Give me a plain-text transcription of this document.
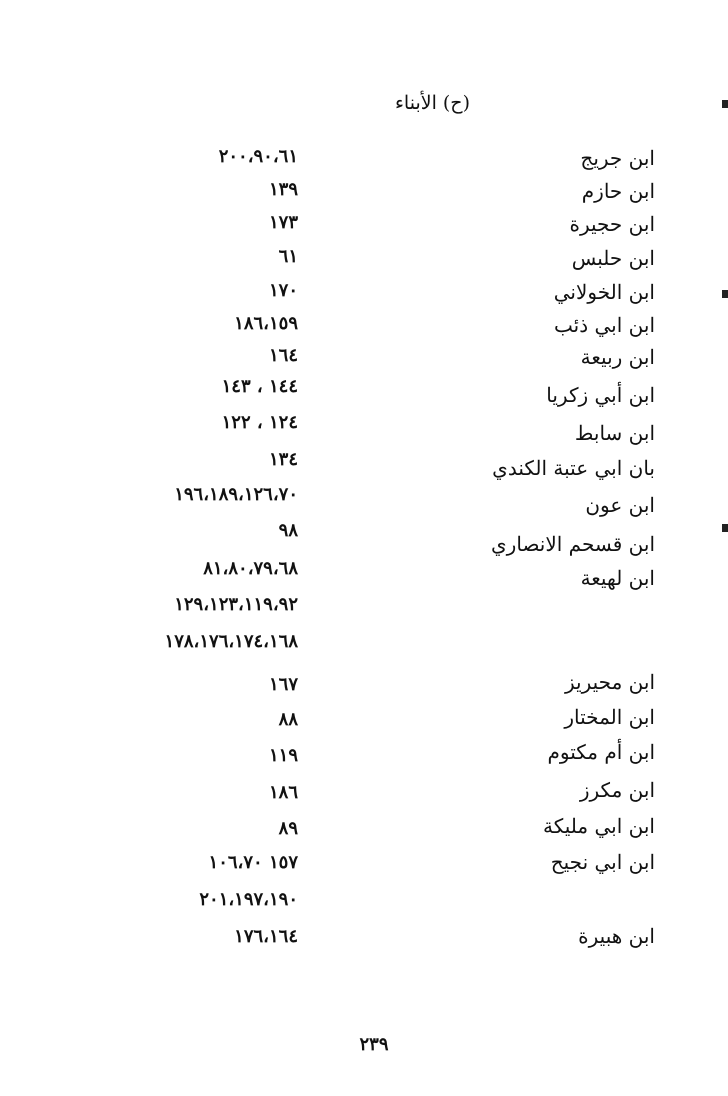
(ح) الأبناء
ابن جريج
٢٠٠،٩٠،٦١
ابن حازم
١٣٩
ابن حجيرة
١٧٣
ابن حلبس
٦١
ابن الخولاني
١٧٠
ابن ابي ذئب
١٨٦،١٥٩
ابن ربيعة
١٦٤
ابن أبي زكريا
١٤٤ ، ١٤٣
ابن سابط
١٢٤ ، ١٢٢
بان ابي عتبة الكندي
١٣٤
ابن عون
١٩٦،١٨٩،١٢٦،٧٠
ابن قسحم الانصاري
٩٨
ابن لهيعة
٨١،٨٠،٧٩،٦٨
١٢٩،١٢٣،١١٩،٩٢
١٧٨،١٧٦،١٧٤،١٦٨
ابن محيريز
١٦٧
ابن المختار
٨٨
ابن أم مكتوم
١١٩
ابن مكرز
١٨٦
ابن ابي مليكة
٨٩
ابن ابي نجيح
١٥٧ ١٠٦،٧٠
٢٠١،١٩٧،١٩٠
ابن هبيرة
١٧٦،١٦٤
٢٣٩
